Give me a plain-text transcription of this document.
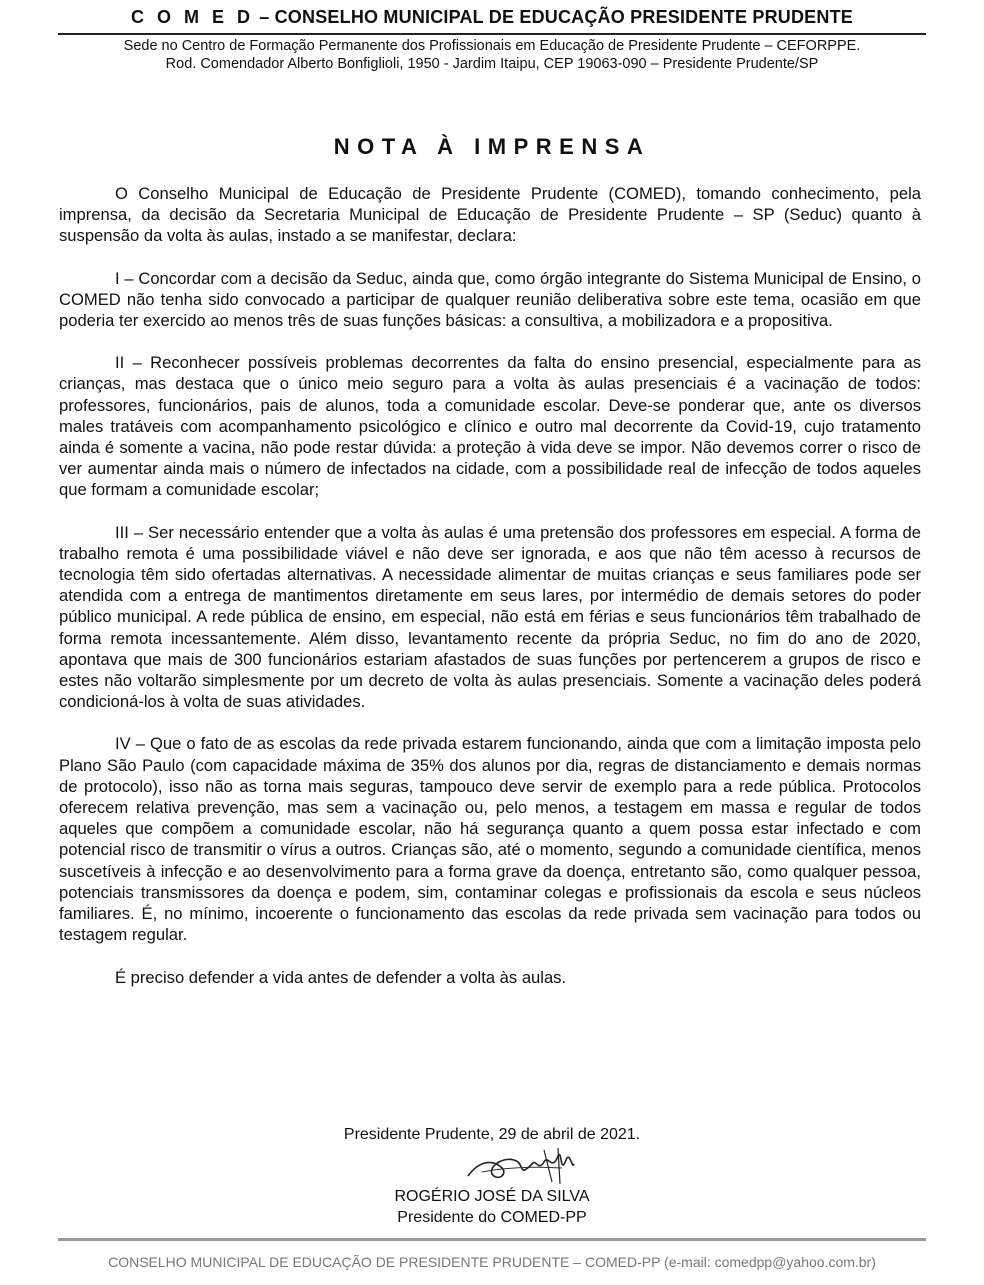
C O M E D – CONSELHO MUNICIPAL DE EDUCAÇÃO PRESIDENTE PRUDENTE
Sede no Centro de Formação Permanente dos Profissionais em Educação de Presidente Prudente – CEFORPPE.
Rod. Comendador Alberto Bonfiglioli, 1950 - Jardim Itaipu, CEP 19063-090 – Presidente Prudente/SP
NOTA À IMPRENSA

O Conselho Municipal de Educação de Presidente Prudente (COMED), tomando conhecimento, pela imprensa, da decisão da Secretaria Municipal de Educação de Presidente Prudente – SP (Seduc) quanto à suspensão da volta às aulas, instado a se manifestar, declara:

I – Concordar com a decisão da Seduc, ainda que, como órgão integrante do Sistema Municipal de Ensino, o COMED não tenha sido convocado a participar de qualquer reunião deliberativa sobre este tema, ocasião em que poderia ter exercido ao menos três de suas funções básicas: a consultiva, a mobilizadora e a propositiva.

II – Reconhecer possíveis problemas decorrentes da falta do ensino presencial, especialmente para as crianças, mas destaca que o único meio seguro para a volta às aulas presenciais é a vacinação de todos: professores, funcionários, pais de alunos, toda a comunidade escolar. Deve-se ponderar que, ante os diversos males tratáveis com acompanhamento psicológico e clínico e outro mal decorrente da Covid-19, cujo tratamento ainda é somente a vacina, não pode restar dúvida: a proteção à vida deve se impor. Não devemos correr o risco de ver aumentar ainda mais o número de infectados na cidade, com a possibilidade real de infecção de todos aqueles que formam a comunidade escolar;

III – Ser necessário entender que a volta às aulas é uma pretensão dos professores em especial. A forma de trabalho remota é uma possibilidade viável e não deve ser ignorada, e aos que não têm acesso à recursos de tecnologia têm sido ofertadas alternativas. A necessidade alimentar de muitas crianças e seus familiares pode ser atendida com a entrega de mantimentos diretamente em seus lares, por intermédio de demais setores do poder público municipal. A rede pública de ensino, em especial, não está em férias e seus funcionários têm trabalhado de forma remota incessantemente. Além disso, levantamento recente da própria Seduc, no fim do ano de 2020, apontava que mais de 300 funcionários estariam afastados de suas funções por pertencerem a grupos de risco e estes não voltarão simplesmente por um decreto de volta às aulas presenciais. Somente a vacinação deles poderá condicioná-los à volta de suas atividades.

IV – Que o fato de as escolas da rede privada estarem funcionando, ainda que com a limitação imposta pelo Plano São Paulo (com capacidade máxima de 35% dos alunos por dia, regras de distanciamento e demais normas de protocolo), isso não as torna mais seguras, tampouco deve servir de exemplo para a rede pública. Protocolos oferecem relativa prevenção, mas sem a vacinação ou, pelo menos, a testagem em massa e regular de todos aqueles que compõem a comunidade escolar, não há segurança quanto a quem possa estar infectado e com potencial risco de transmitir o vírus a outros. Crianças são, até o momento, segundo a comunidade científica, menos suscetíveis à infecção e ao desenvolvimento para a forma grave da doença, entretanto são, como qualquer pessoa, potenciais transmissores da doença e podem, sim, contaminar colegas e profissionais da escola e seus núcleos familiares. É, no mínimo, incoerente o funcionamento das escolas da rede privada sem vacinação para todos ou testagem regular.

É preciso defender a vida antes de defender a volta às aulas.

Presidente Prudente, 29 de abril de 2021.
ROGÉRIO JOSÉ DA SILVA
Presidente do COMED-PP
CONSELHO MUNICIPAL DE EDUCAÇÃO DE PRESIDENTE PRUDENTE – COMED-PP (e-mail: comedpp@yahoo.com.br)
